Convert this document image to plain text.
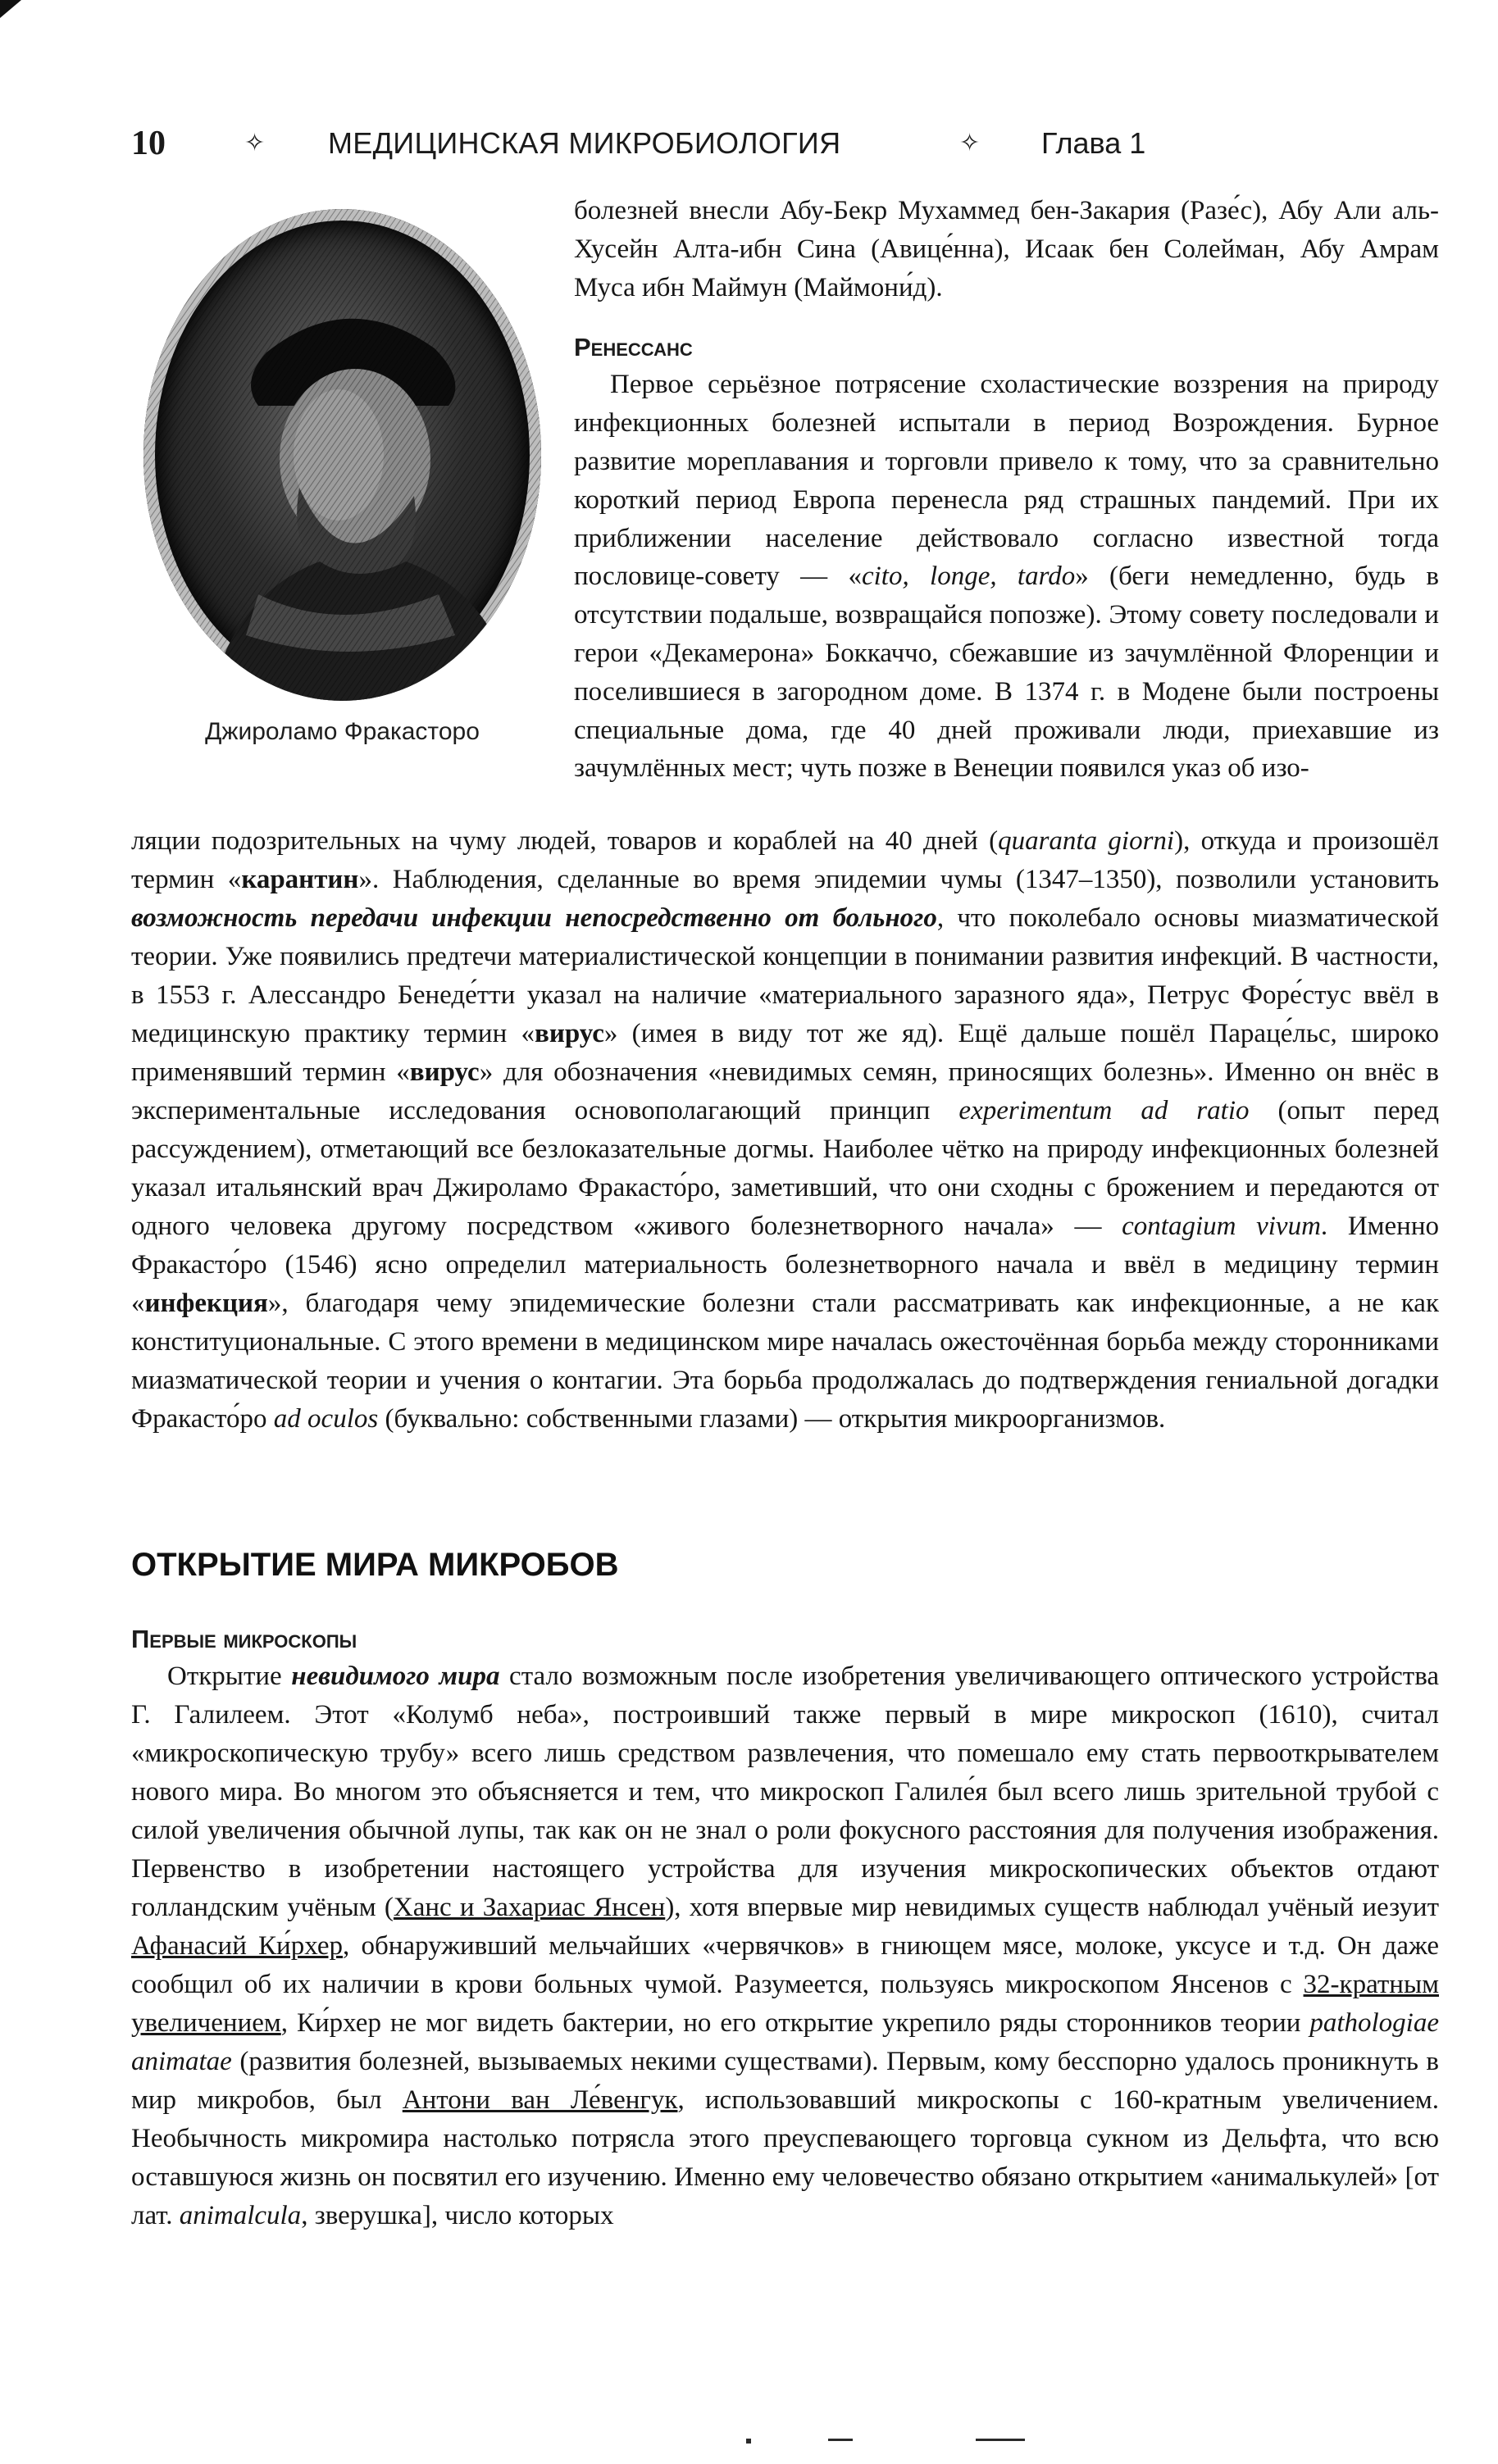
10	✧ МЕДИЦИНСКАЯ МИКРОБИОЛОГИЯ	✧ Глава 1
Джироламо Фракасторо

болезней внесли Абу-Бекр Мухаммед бен-Закария (Разе́с), Абу Али аль-Хусейн Алта-ибн Сина (Авице́нна), Исаак бен Солейман, Абу Амрам Муса ибн Маймун (Маймони́д).

Ренессанс

Первое серьёзное потрясение схоластические воззрения на природу инфекционных болезней испытали в период Возрождения. Бурное развитие мореплавания и торговли привело к тому, что за сравнительно короткий период Европа перенесла ряд страшных пандемий. При их приближении население действовало согласно известной тогда пословице-совету — «cito, longe, tardo» (беги немедленно, будь в отсутствии подальше, возвращайся попозже). Этому совету последовали и герои «Декамерона» Боккаччо, сбежавшие из зачумлённой Флоренции и поселившиеся в загородном доме. В 1374 г. в Модене были построены специальные дома, где 40 дней проживали люди, приехавшие из зачумлённых мест; чуть позже в Венеции появился указ об изо-

ляции подозрительных на чуму людей, товаров и кораблей на 40 дней (quaranta giorni), откуда и произошёл термин «карантин». Наблюдения, сделанные во время эпидемии чумы (1347–1350), позволили установить возможность передачи инфекции непосредственно от больного, что поколебало основы миазматической теории. Уже появились предтечи материалистической концепции в понимании развития инфекций. В частности, в 1553 г. Алессандро Бенеде́тти указал на наличие «материального заразного яда», Петрус Форе́стус ввёл в медицинскую практику термин «вирус» (имея в виду тот же яд). Ещё дальше пошёл Параце́льс, широко применявший термин «вирус» для обозначения «невидимых семян, приносящих болезнь». Именно он внёс в экспериментальные исследования основополагающий принцип experimentum ad ratio (опыт перед рассуждением), отметающий все безлоказательные догмы. Наиболее чётко на природу инфекционных болезней указал итальянский врач Джироламо Фракасто́ро, заметивший, что они сходны с брожением и передаются от одного человека другому посредством «живого болезнетворного начала» — contagium vivum. Именно Фракасто́ро (1546) ясно определил материальность болезнетворного начала и ввёл в медицину термин «инфекция», благодаря чему эпидемические болезни стали рассматривать как инфекционные, а не как конституциональные. С этого времени в медицинском мире началась ожесточённая борьба между сторонниками миазматической теории и учения о контагии. Эта борьба продолжалась до подтверждения гениальной догадки Фракасто́ро ad oculos (буквально: собственными глазами) — открытия микроорганизмов.

ОТКРЫТИЕ МИРА МИКРОБОВ
Первые микроскопы

Открытие невидимого мира стало возможным после изобретения увеличивающего оптического устройства Г. Галилеем. Этот «Колумб неба», построивший также первый в мире микроскоп (1610), считал «микроскопическую трубу» всего лишь средством развлечения, что помешало ему стать первооткрывателем нового мира. Во многом это объясняется и тем, что микроскоп Галиле́я был всего лишь зрительной трубой с силой увеличения обычной лупы, так как он не знал о роли фокусного расстояния для получения изображения. Первенство в изобретении настоящего устройства для изучения микроскопических объектов отдают голландским учёным (Ханс и Захариас Янсен), хотя впервые мир невидимых существ наблюдал учёный иезуит Афанасий Ки́рхер, обнаруживший мельчайших «червячков» в гниющем мясе, молоке, уксусе и т.д. Он даже сообщил об их наличии в крови больных чумой. Разумеется, пользуясь микроскопом Янсенов с 32-кратным увеличением, Ки́рхер не мог видеть бактерии, но его открытие укрепило ряды сторонников теории pathologiae animatae (развития болезней, вызываемых некими существами). Первым, кому бесспорно удалось проникнуть в мир микробов, был Антони ван Ле́венгук, использовавший микроскопы с 160-кратным увеличением. Необычность микромира настолько потрясла этого преуспевающего торговца сукном из Дельфта, что всю оставшуюся жизнь он посвятил его изучению. Именно ему человечество обязано открытием «анималькулей» [от лат. animalcula, зверушка], число которых
